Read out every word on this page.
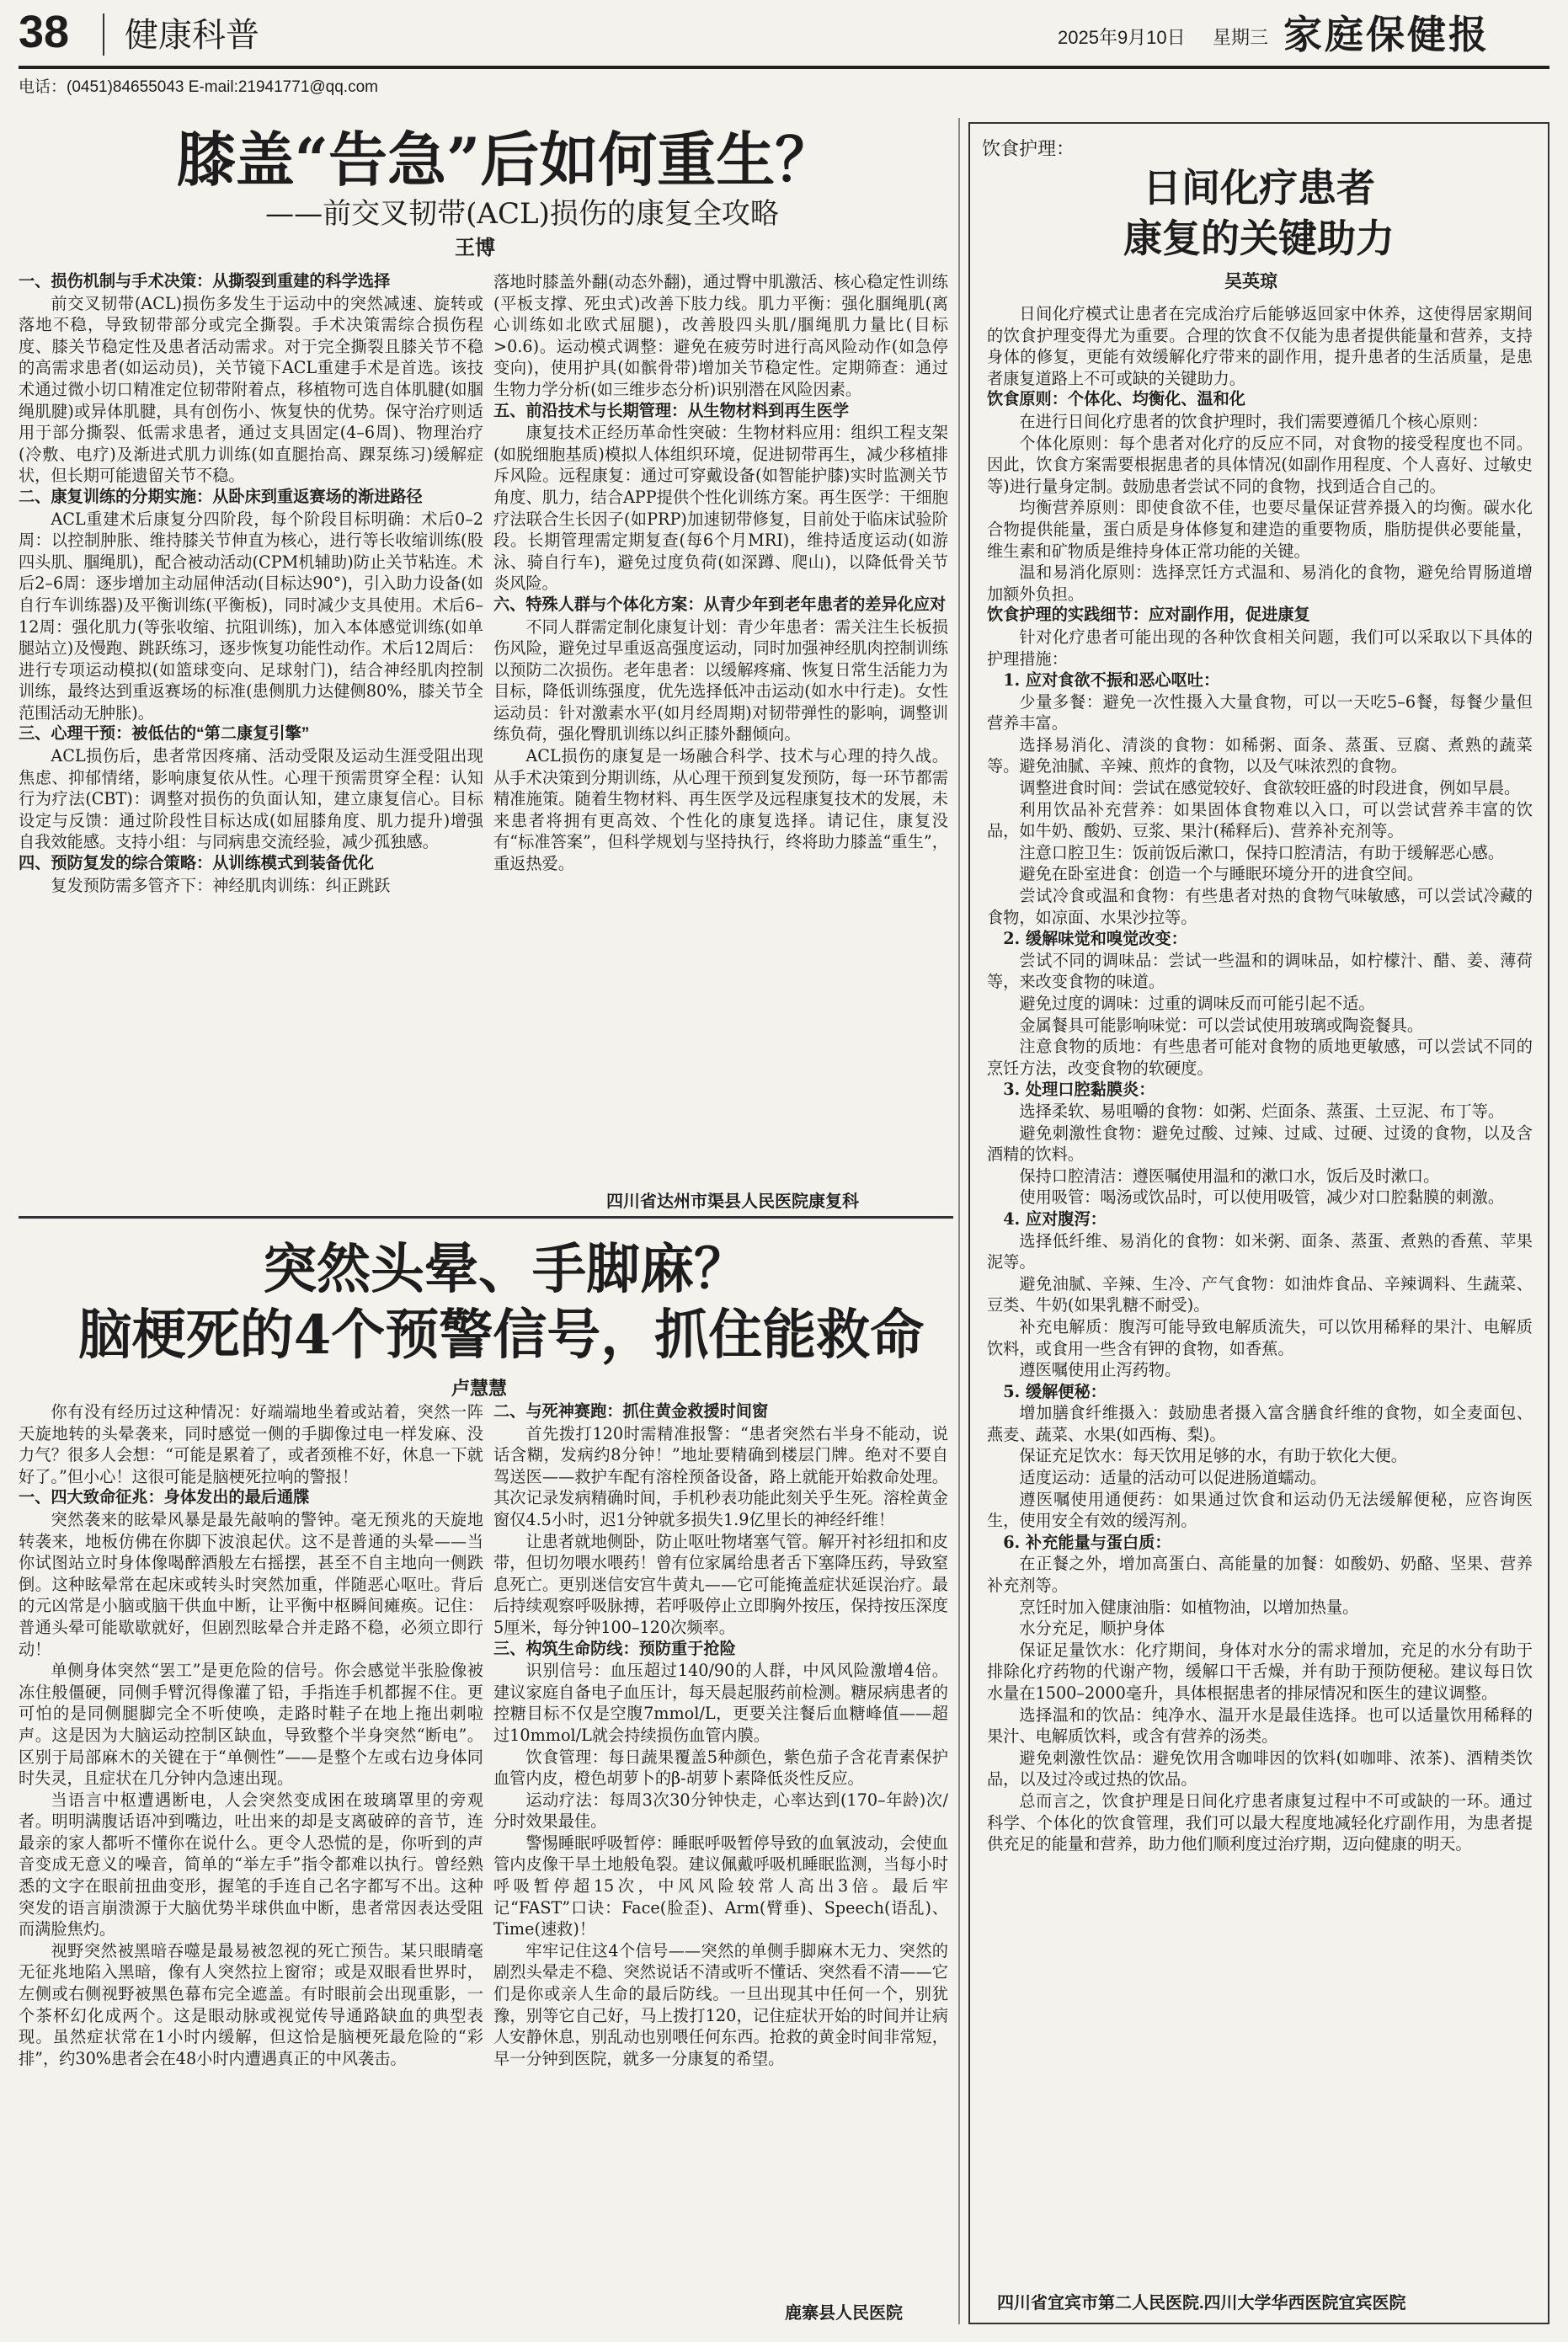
38 健康科普	2025年9月10日 星期三 家庭保健报
电话：(0451)84655043 E-mail:21941771@qq.com
膝盖“告急”后如何重生？
——前交叉韧带(ACL)损伤的康复全攻略
王博

一、损伤机制与手术决策：从撕裂到重建的科学选择

前交叉韧带(ACL)损伤多发生于运动中的突然减速、旋转或落地不稳，导致韧带部分或完全撕裂。手术决策需综合损伤程度、膝关节稳定性及患者活动需求。对于完全撕裂且膝关节不稳的高需求患者(如运动员)，关节镜下ACL重建手术是首选。该技术通过微小切口精准定位韧带附着点，移植物可选自体肌腱(如腘绳肌腱)或异体肌腱，具有创伤小、恢复快的优势。保守治疗则适用于部分撕裂、低需求患者，通过支具固定(4–6周)、物理治疗(冷敷、电疗)及渐进式肌力训练(如直腿抬高、踝泵练习)缓解症状，但长期可能遗留关节不稳。

二、康复训练的分期实施：从卧床到重返赛场的渐进路径

ACL重建术后康复分四阶段，每个阶段目标明确：术后0–2周：以控制肿胀、维持膝关节伸直为核心，进行等长收缩训练(股四头肌、腘绳肌)，配合被动活动(CPM机辅助)防止关节粘连。术后2–6周：逐步增加主动屈伸活动(目标达90°)，引入助力设备(如自行车训练器)及平衡训练(平衡板)，同时减少支具使用。术后6–12周：强化肌力(等张收缩、抗阻训练)，加入本体感觉训练(如单腿站立)及慢跑、跳跃练习，逐步恢复功能性动作。术后12周后：进行专项运动模拟(如篮球变向、足球射门)，结合神经肌肉控制训练，最终达到重返赛场的标准(患侧肌力达健侧80%，膝关节全范围活动无肿胀)。

三、心理干预：被低估的“第二康复引擎”

ACL损伤后，患者常因疼痛、活动受限及运动生涯受阻出现焦虑、抑郁情绪，影响康复依从性。心理干预需贯穿全程：认知行为疗法(CBT)：调整对损伤的负面认知，建立康复信心。目标设定与反馈：通过阶段性目标达成(如屈膝角度、肌力提升)增强自我效能感。支持小组：与同病患交流经验，减少孤独感。

四、预防复发的综合策略：从训练模式到装备优化

复发预防需多管齐下：神经肌肉训练：纠正跳跃

落地时膝盖外翻(动态外翻)，通过臀中肌激活、核心稳定性训练(平板支撑、死虫式)改善下肢力线。肌力平衡：强化腘绳肌(离心训练如北欧式屈腿)，改善股四头肌/腘绳肌力量比(目标>0.6)。运动模式调整：避免在疲劳时进行高风险动作(如急停变向)，使用护具(如髌骨带)增加关节稳定性。定期筛查：通过生物力学分析(如三维步态分析)识别潜在风险因素。

五、前沿技术与长期管理：从生物材料到再生医学

康复技术正经历革命性突破：生物材料应用：组织工程支架(如脱细胞基质)模拟人体组织环境，促进韧带再生，减少移植排斥风险。远程康复：通过可穿戴设备(如智能护膝)实时监测关节角度、肌力，结合APP提供个性化训练方案。再生医学：干细胞疗法联合生长因子(如PRP)加速韧带修复，目前处于临床试验阶段。长期管理需定期复查(每6个月MRI)，维持适度运动(如游泳、骑自行车)，避免过度负荷(如深蹲、爬山)，以降低骨关节炎风险。

六、特殊人群与个体化方案：从青少年到老年患者的差异化应对

不同人群需定制化康复计划：青少年患者：需关注生长板损伤风险，避免过早重返高强度运动，同时加强神经肌肉控制训练以预防二次损伤。老年患者：以缓解疼痛、恢复日常生活能力为目标，降低训练强度，优先选择低冲击运动(如水中行走)。女性运动员：针对激素水平(如月经周期)对韧带弹性的影响，调整训练负荷，强化臀肌训练以纠正膝外翻倾向。

ACL损伤的康复是一场融合科学、技术与心理的持久战。从手术决策到分期训练，从心理干预到复发预防，每一环节都需精准施策。随着生物材料、再生医学及远程康复技术的发展，未来患者将拥有更高效、个性化的康复选择。请记住，康复没有“标准答案”，但科学规划与坚持执行，终将助力膝盖“重生”，重返热爱。

四川省达州市渠县人民医院康复科
突然头晕、手脚麻？
脑梗死的4个预警信号，抓住能救命
卢慧慧

你有没有经历过这种情况：好端端地坐着或站着，突然一阵天旋地转的头晕袭来，同时感觉一侧的手脚像过电一样发麻、没力气？很多人会想：“可能是累着了，或者颈椎不好，休息一下就好了。”但小心！这很可能是脑梗死拉响的警报！

一、四大致命征兆：身体发出的最后通牒

突然袭来的眩晕风暴是最先敲响的警钟。毫无预兆的天旋地转袭来，地板仿佛在你脚下波浪起伏。这不是普通的头晕——当你试图站立时身体像喝醉酒般左右摇摆，甚至不自主地向一侧跌倒。这种眩晕常在起床或转头时突然加重，伴随恶心呕吐。背后的元凶常是小脑或脑干供血中断，让平衡中枢瞬间瘫痪。记住：普通头晕可能歇歇就好，但剧烈眩晕合并走路不稳，必须立即行动！

单侧身体突然“罢工”是更危险的信号。你会感觉半张脸像被冻住般僵硬，同侧手臂沉得像灌了铅，手指连手机都握不住。更可怕的是同侧腿脚完全不听使唤，走路时鞋子在地上拖出刺啦声。这是因为大脑运动控制区缺血，导致整个半身突然“断电”。区别于局部麻木的关键在于“单侧性”——是整个左或右边身体同时失灵，且症状在几分钟内急速出现。

当语言中枢遭遇断电，人会突然变成困在玻璃罩里的旁观者。明明满腹话语冲到嘴边，吐出来的却是支离破碎的音节，连最亲的家人都听不懂你在说什么。更令人恐慌的是，你听到的声音变成无意义的噪音，简单的“举左手”指令都难以执行。曾经熟悉的文字在眼前扭曲变形，握笔的手连自己名字都写不出。这种突发的语言崩溃源于大脑优势半球供血中断，患者常因表达受阻而满脸焦灼。

视野突然被黑暗吞噬是最易被忽视的死亡预告。某只眼睛毫无征兆地陷入黑暗，像有人突然拉上窗帘；或是双眼看世界时，左侧或右侧视野被黑色幕布完全遮盖。有时眼前会出现重影，一个茶杯幻化成两个。这是眼动脉或视觉传导通路缺血的典型表现。虽然症状常在1小时内缓解，但这恰是脑梗死最危险的“彩排”，约30%患者会在48小时内遭遇真正的中风袭击。

二、与死神赛跑：抓住黄金救援时间窗

首先拨打120时需精准报警：“患者突然右半身不能动，说话含糊，发病约8分钟！”地址要精确到楼层门牌。绝对不要自驾送医——救护车配有溶栓预备设备，路上就能开始救命处理。其次记录发病精确时间，手机秒表功能此刻关乎生死。溶栓黄金窗仅4.5小时，迟1分钟就多损失1.9亿里长的神经纤维！

让患者就地侧卧，防止呕吐物堵塞气管。解开衬衫纽扣和皮带，但切勿喂水喂药！曾有位家属给患者舌下塞降压药，导致窒息死亡。更别迷信安宫牛黄丸——它可能掩盖症状延误治疗。最后持续观察呼吸脉搏，若呼吸停止立即胸外按压，保持按压深度5厘米，每分钟100–120次频率。

三、构筑生命防线：预防重于抢险

识别信号：血压超过140/90的人群，中风风险激增4倍。建议家庭自备电子血压计，每天晨起服药前检测。糖尿病患者的控糖目标不仅是空腹7mmol/L，更要关注餐后血糖峰值——超过10mmol/L就会持续损伤血管内膜。

饮食管理：每日蔬果覆盖5种颜色，紫色茄子含花青素保护血管内皮，橙色胡萝卜的β-胡萝卜素降低炎性反应。

运动疗法：每周3次30分钟快走，心率达到(170–年龄)次/分时效果最佳。

警惕睡眠呼吸暂停：睡眠呼吸暂停导致的血氧波动，会使血管内皮像干旱土地般龟裂。建议佩戴呼吸机睡眠监测，当每小时呼吸暂停超15次，中风风险较常人高出3倍。最后牢记“FAST”口诀：Face(脸歪)、Arm(臂垂)、Speech(语乱)、Time(速救)！

牢牢记住这4个信号——突然的单侧手脚麻木无力、突然的剧烈头晕走不稳、突然说话不清或听不懂话、突然看不清——它们是你或亲人生命的最后防线。一旦出现其中任何一个，别犹豫，别等它自己好，马上拨打120，记住症状开始的时间并让病人安静休息，别乱动也别喂任何东西。抢救的黄金时间非常短，早一分钟到医院，就多一分康复的希望。

鹿寨县人民医院
饮食护理：
日间化疗患者
康复的关键助力
吴英琼

日间化疗模式让患者在完成治疗后能够返回家中休养，这使得居家期间的饮食护理变得尤为重要。合理的饮食不仅能为患者提供能量和营养，支持身体的修复，更能有效缓解化疗带来的副作用，提升患者的生活质量，是患者康复道路上不可或缺的关键助力。

饮食原则：个体化、均衡化、温和化

在进行日间化疗患者的饮食护理时，我们需要遵循几个核心原则：

个体化原则：每个患者对化疗的反应不同，对食物的接受程度也不同。因此，饮食方案需要根据患者的具体情况(如副作用程度、个人喜好、过敏史等)进行量身定制。鼓励患者尝试不同的食物，找到适合自己的。

均衡营养原则：即使食欲不佳，也要尽量保证营养摄入的均衡。碳水化合物提供能量，蛋白质是身体修复和建造的重要物质，脂肪提供必要能量，维生素和矿物质是维持身体正常功能的关键。

温和易消化原则：选择烹饪方式温和、易消化的食物，避免给胃肠道增加额外负担。

饮食护理的实践细节：应对副作用，促进康复

针对化疗患者可能出现的各种饮食相关问题，我们可以采取以下具体的护理措施：

1. 应对食欲不振和恶心呕吐：

少量多餐：避免一次性摄入大量食物，可以一天吃5–6餐，每餐少量但营养丰富。

选择易消化、清淡的食物：如稀粥、面条、蒸蛋、豆腐、煮熟的蔬菜等。避免油腻、辛辣、煎炸的食物，以及气味浓烈的食物。

调整进食时间：尝试在感觉较好、食欲较旺盛的时段进食，例如早晨。

利用饮品补充营养：如果固体食物难以入口，可以尝试营养丰富的饮品，如牛奶、酸奶、豆浆、果汁(稀释后)、营养补充剂等。

注意口腔卫生：饭前饭后漱口，保持口腔清洁，有助于缓解恶心感。

避免在卧室进食：创造一个与睡眠环境分开的进食空间。

尝试冷食或温和食物：有些患者对热的食物气味敏感，可以尝试冷藏的食物，如凉面、水果沙拉等。

2. 缓解味觉和嗅觉改变：

尝试不同的调味品：尝试一些温和的调味品，如柠檬汁、醋、姜、薄荷等，来改变食物的味道。

避免过度的调味：过重的调味反而可能引起不适。

金属餐具可能影响味觉：可以尝试使用玻璃或陶瓷餐具。

注意食物的质地：有些患者可能对食物的质地更敏感，可以尝试不同的烹饪方法，改变食物的软硬度。

3. 处理口腔黏膜炎：

选择柔软、易咀嚼的食物：如粥、烂面条、蒸蛋、土豆泥、布丁等。

避免刺激性食物：避免过酸、过辣、过咸、过硬、过烫的食物，以及含酒精的饮料。

保持口腔清洁：遵医嘱使用温和的漱口水，饭后及时漱口。

使用吸管：喝汤或饮品时，可以使用吸管，减少对口腔黏膜的刺激。

4. 应对腹泻：

选择低纤维、易消化的食物：如米粥、面条、蒸蛋、煮熟的香蕉、苹果泥等。

避免油腻、辛辣、生冷、产气食物：如油炸食品、辛辣调料、生蔬菜、豆类、牛奶(如果乳糖不耐受)。

补充电解质：腹泻可能导致电解质流失，可以饮用稀释的果汁、电解质饮料，或食用一些含有钾的食物，如香蕉。

遵医嘱使用止泻药物。

5. 缓解便秘：

增加膳食纤维摄入：鼓励患者摄入富含膳食纤维的食物，如全麦面包、燕麦、蔬菜、水果(如西梅、梨)。

保证充足饮水：每天饮用足够的水，有助于软化大便。

适度运动：适量的活动可以促进肠道蠕动。

遵医嘱使用通便药：如果通过饮食和运动仍无法缓解便秘，应咨询医生，使用安全有效的缓泻剂。

6. 补充能量与蛋白质：

在正餐之外，增加高蛋白、高能量的加餐：如酸奶、奶酪、坚果、营养补充剂等。

烹饪时加入健康油脂：如植物油，以增加热量。

水分充足，顺护身体

保证足量饮水：化疗期间，身体对水分的需求增加，充足的水分有助于排除化疗药物的代谢产物，缓解口干舌燥，并有助于预防便秘。建议每日饮水量在1500–2000毫升，具体根据患者的排尿情况和医生的建议调整。

选择温和的饮品：纯净水、温开水是最佳选择。也可以适量饮用稀释的果汁、电解质饮料，或含有营养的汤类。

避免刺激性饮品：避免饮用含咖啡因的饮料(如咖啡、浓茶)、酒精类饮品，以及过冷或过热的饮品。

总而言之，饮食护理是日间化疗患者康复过程中不可或缺的一环。通过科学、个体化的饮食管理，我们可以最大程度地减轻化疗副作用，为患者提供充足的能量和营养，助力他们顺利度过治疗期，迈向健康的明天。

四川省宜宾市第二人民医院.四川大学华西医院宜宾医院
